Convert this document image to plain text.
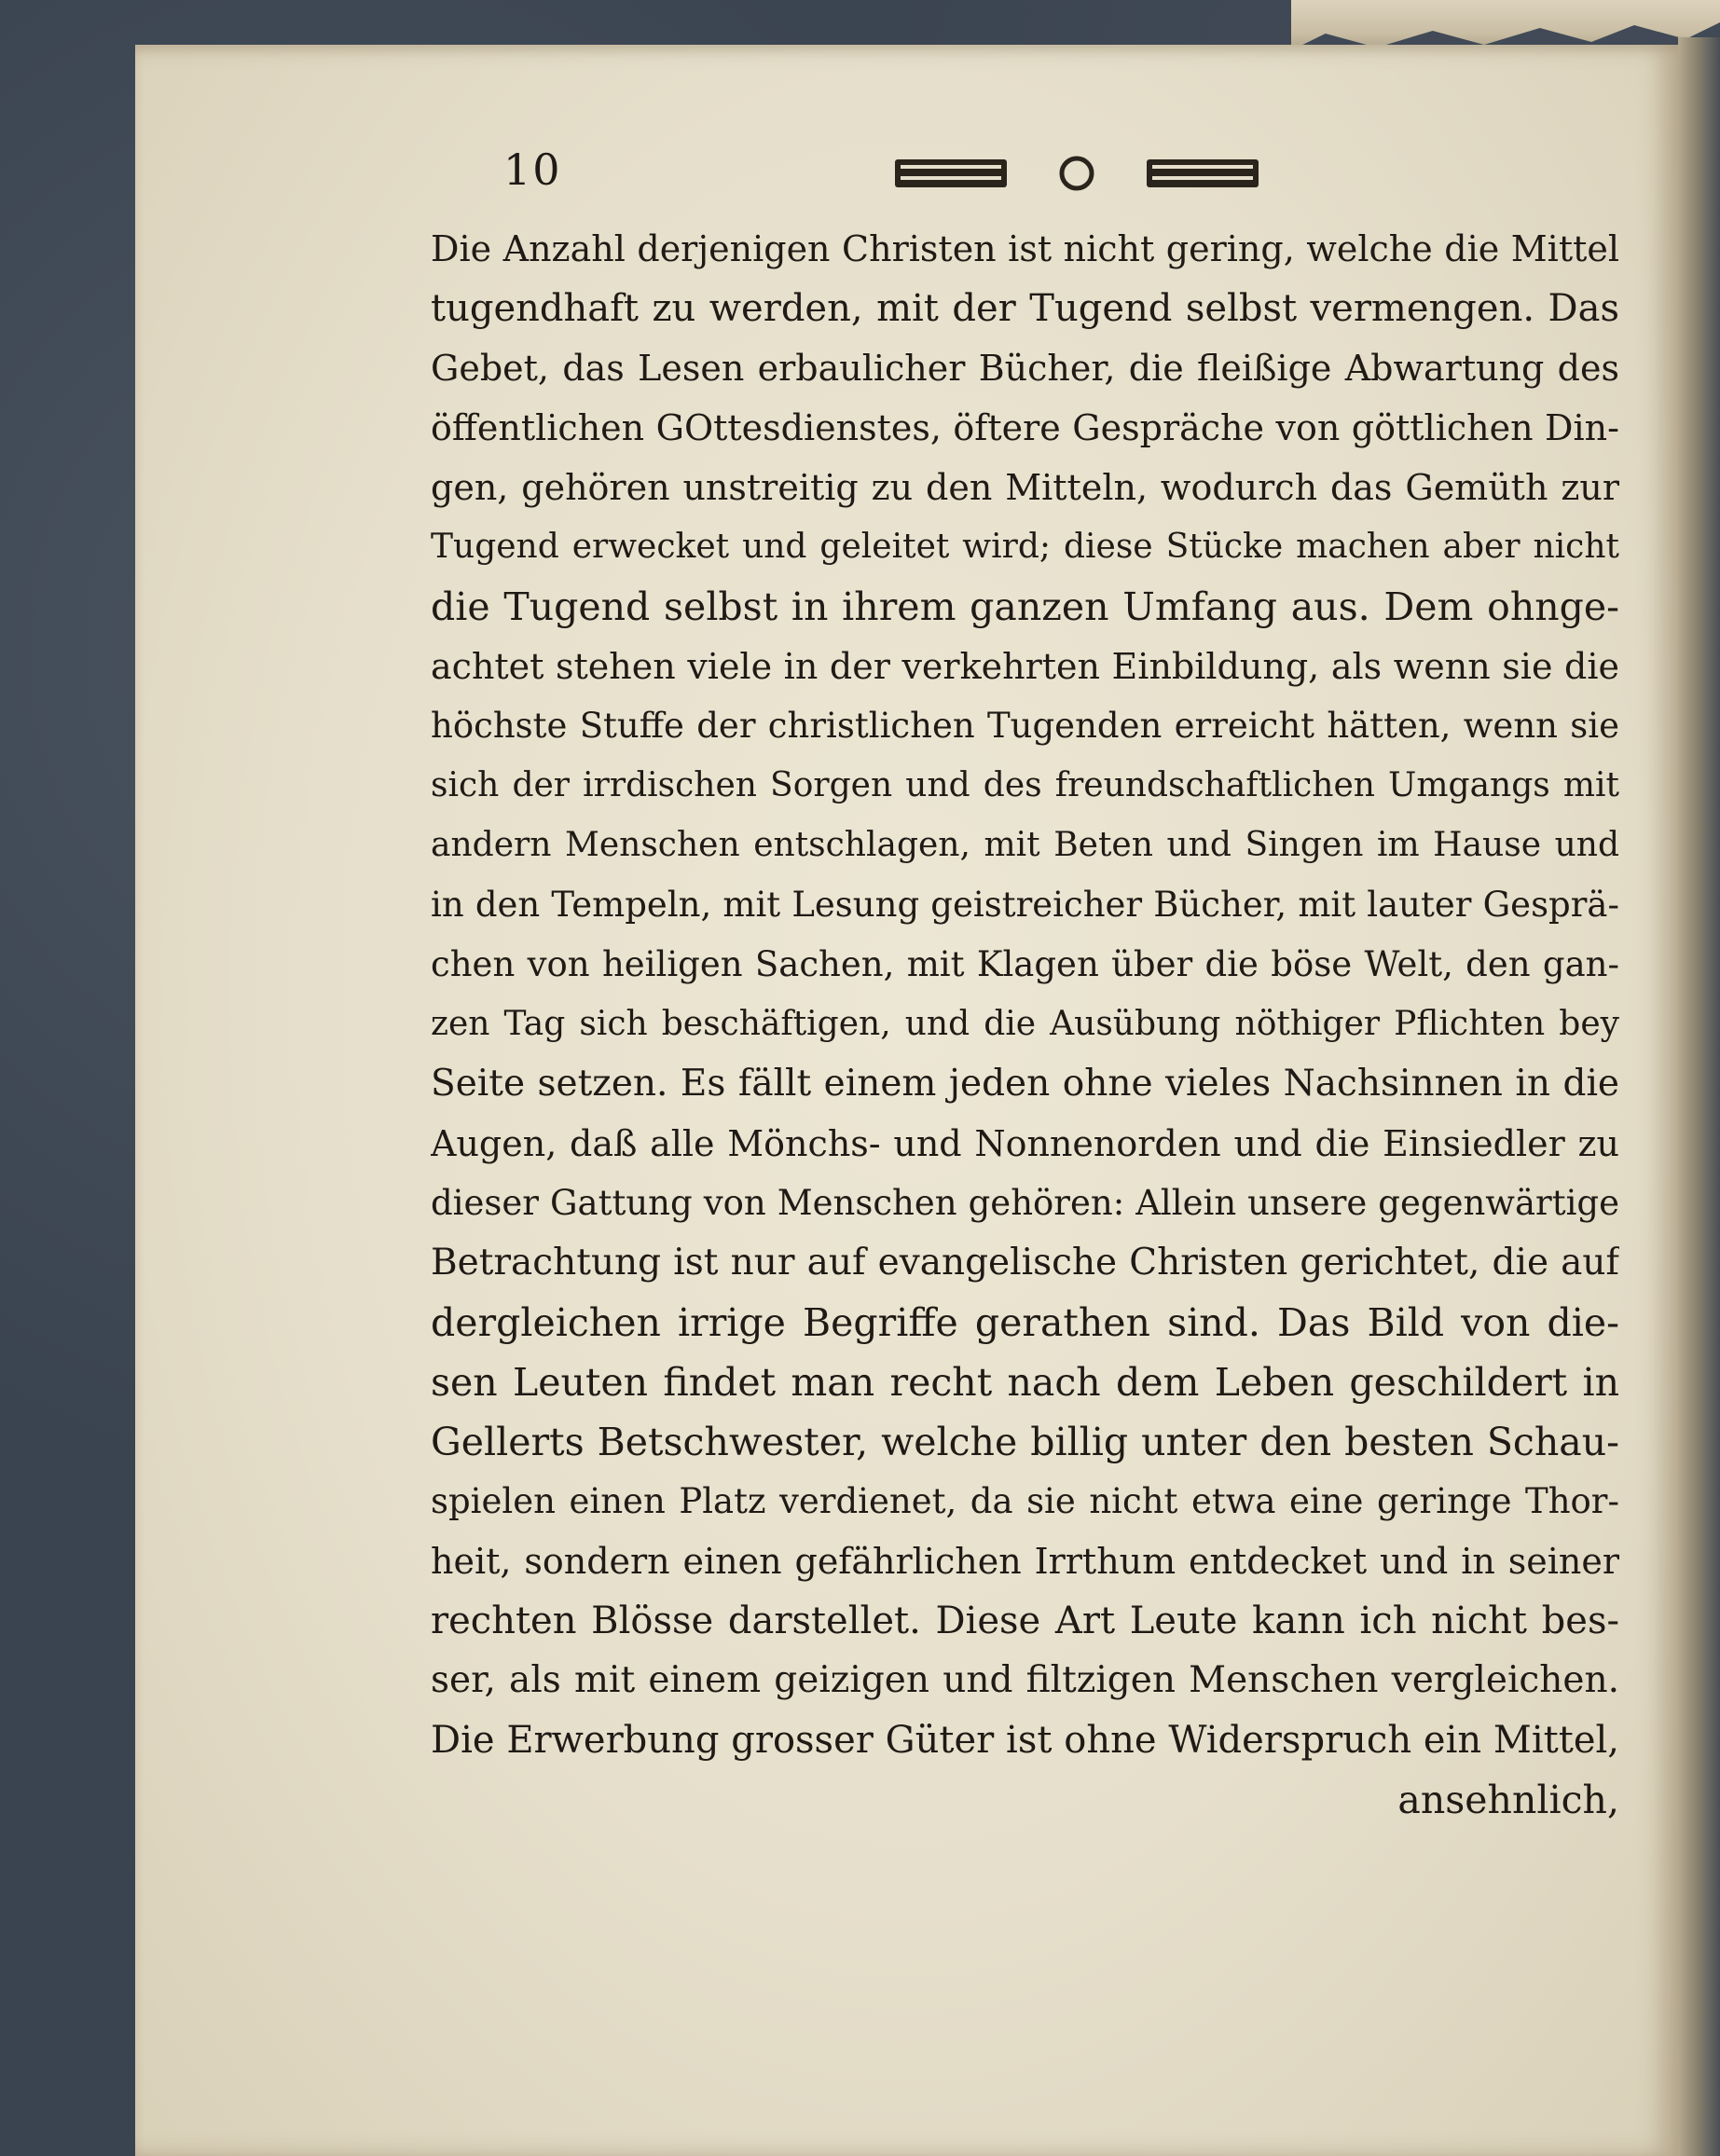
10
Die Anzahl derjenigen Christen ist nicht gering, welche die Mittel
tugendhaft zu werden, mit der Tugend selbst vermengen. Das
Gebet, das Lesen erbaulicher Bücher, die fleißige Abwartung des
öffentlichen GOttesdienstes, öftere Gespräche von göttlichen Din-
gen, gehören unstreitig zu den Mitteln, wodurch das Gemüth zur
Tugend erwecket und geleitet wird; diese Stücke machen aber nicht
die Tugend selbst in ihrem ganzen Umfang aus. Dem ohnge-
achtet stehen viele in der verkehrten Einbildung, als wenn sie die
höchste Stuffe der christlichen Tugenden erreicht hätten, wenn sie
sich der irrdischen Sorgen und des freundschaftlichen Umgangs mit
andern Menschen entschlagen, mit Beten und Singen im Hause und
in den Tempeln, mit Lesung geistreicher Bücher, mit lauter Gesprä-
chen von heiligen Sachen, mit Klagen über die böse Welt, den gan-
zen Tag sich beschäftigen, und die Ausübung nöthiger Pflichten bey
Seite setzen. Es fällt einem jeden ohne vieles Nachsinnen in die
Augen, daß alle Mönchs- und Nonnenorden und die Einsiedler zu
dieser Gattung von Menschen gehören: Allein unsere gegenwärtige
Betrachtung ist nur auf evangelische Christen gerichtet, die auf
dergleichen irrige Begriffe gerathen sind. Das Bild von die-
sen Leuten findet man recht nach dem Leben geschildert in
Gellerts Betschwester, welche billig unter den besten Schau-
spielen einen Platz verdienet, da sie nicht etwa eine geringe Thor-
heit, sondern einen gefährlichen Irrthum entdecket und in seiner
rechten Blösse darstellet. Diese Art Leute kann ich nicht bes-
ser, als mit einem geizigen und filtzigen Menschen vergleichen.
Die Erwerbung grosser Güter ist ohne Widerspruch ein Mittel,
ansehnlich,
